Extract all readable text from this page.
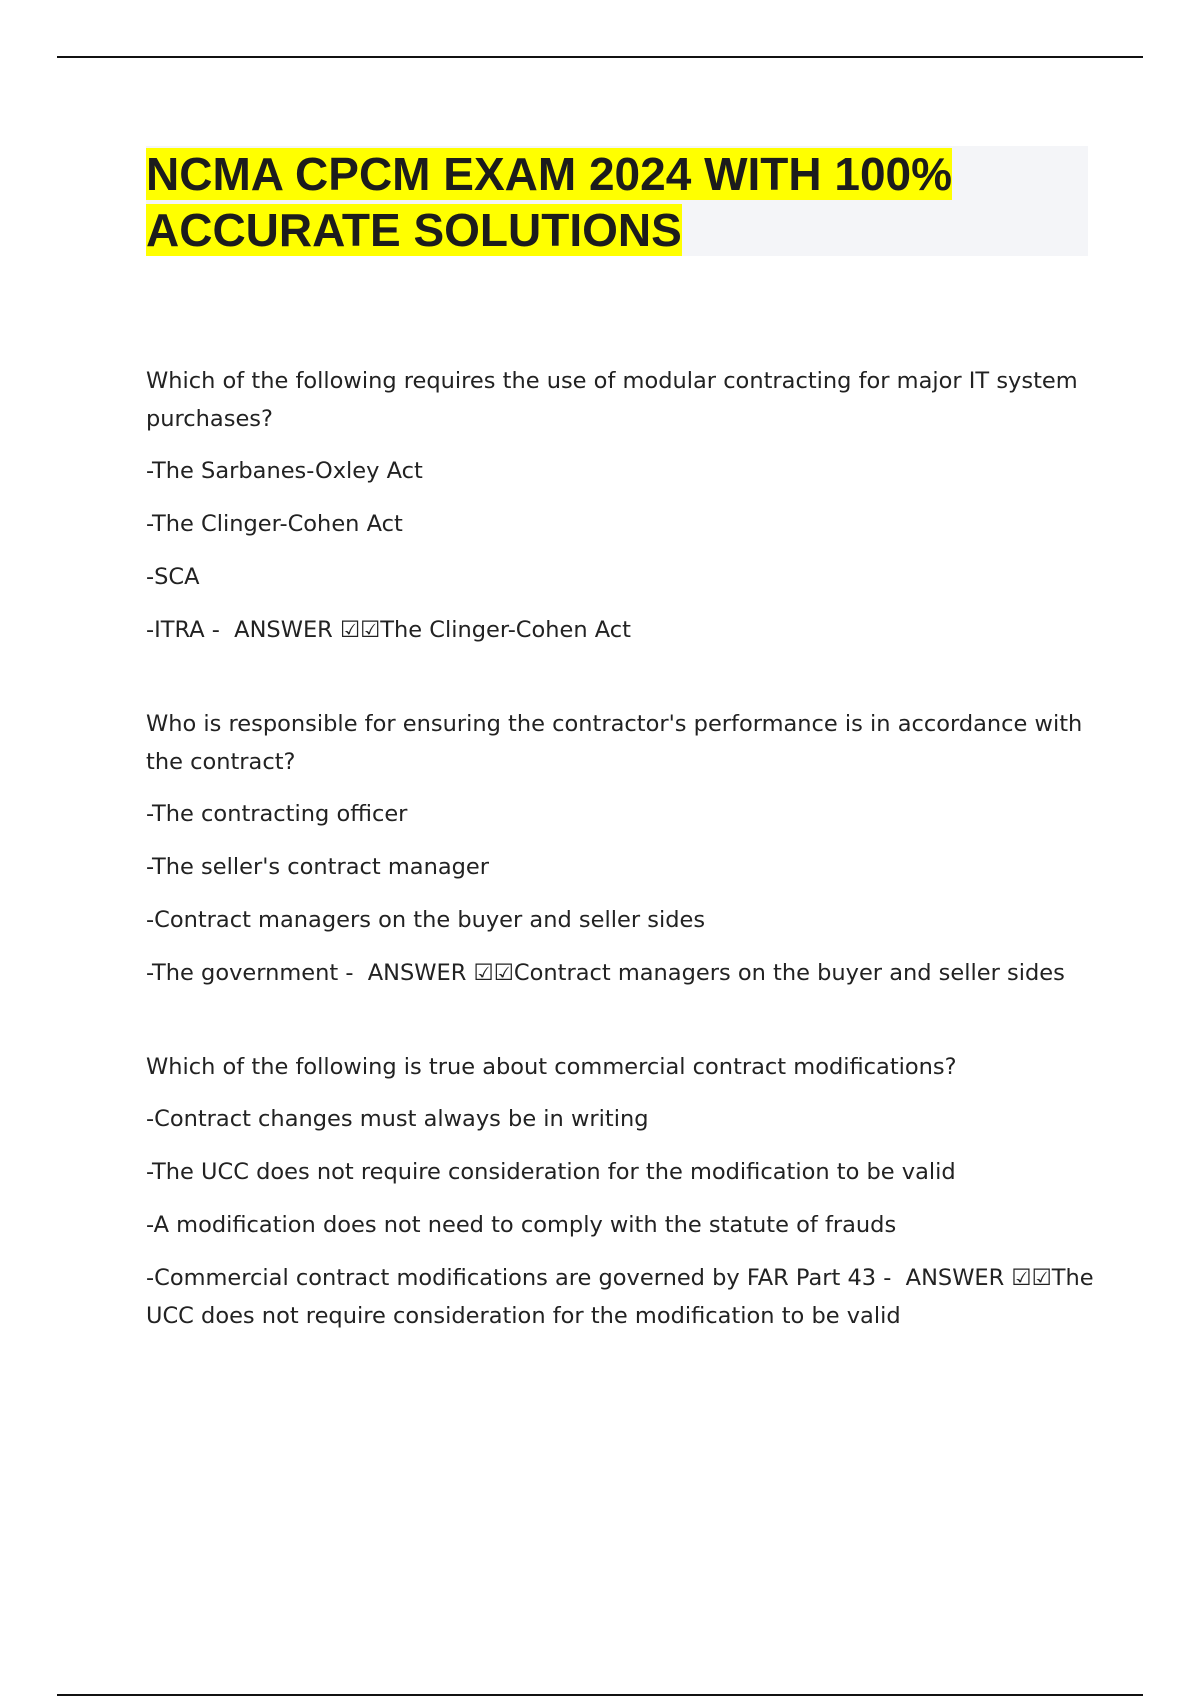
NCMA CPCM EXAM 2024 WITH 100%
ACCURATE SOLUTIONS

Which of the following requires the use of modular contracting for major IT system purchases?

-The Sarbanes-Oxley Act

-The Clinger-Cohen Act

-SCA

-ITRA -  ANSWER ☑☑The Clinger-Cohen Act

Who is responsible for ensuring the contractor's performance is in accordance with the contract?

-The contracting officer

-The seller's contract manager

-Contract managers on the buyer and seller sides

-The government -  ANSWER ☑☑Contract managers on the buyer and seller sides

Which of the following is true about commercial contract modifications?

-Contract changes must always be in writing

-The UCC does not require consideration for the modification to be valid

-A modification does not need to comply with the statute of frauds

-Commercial contract modifications are governed by FAR Part 43 -  ANSWER ☑☑The UCC does not require consideration for the modification to be valid
